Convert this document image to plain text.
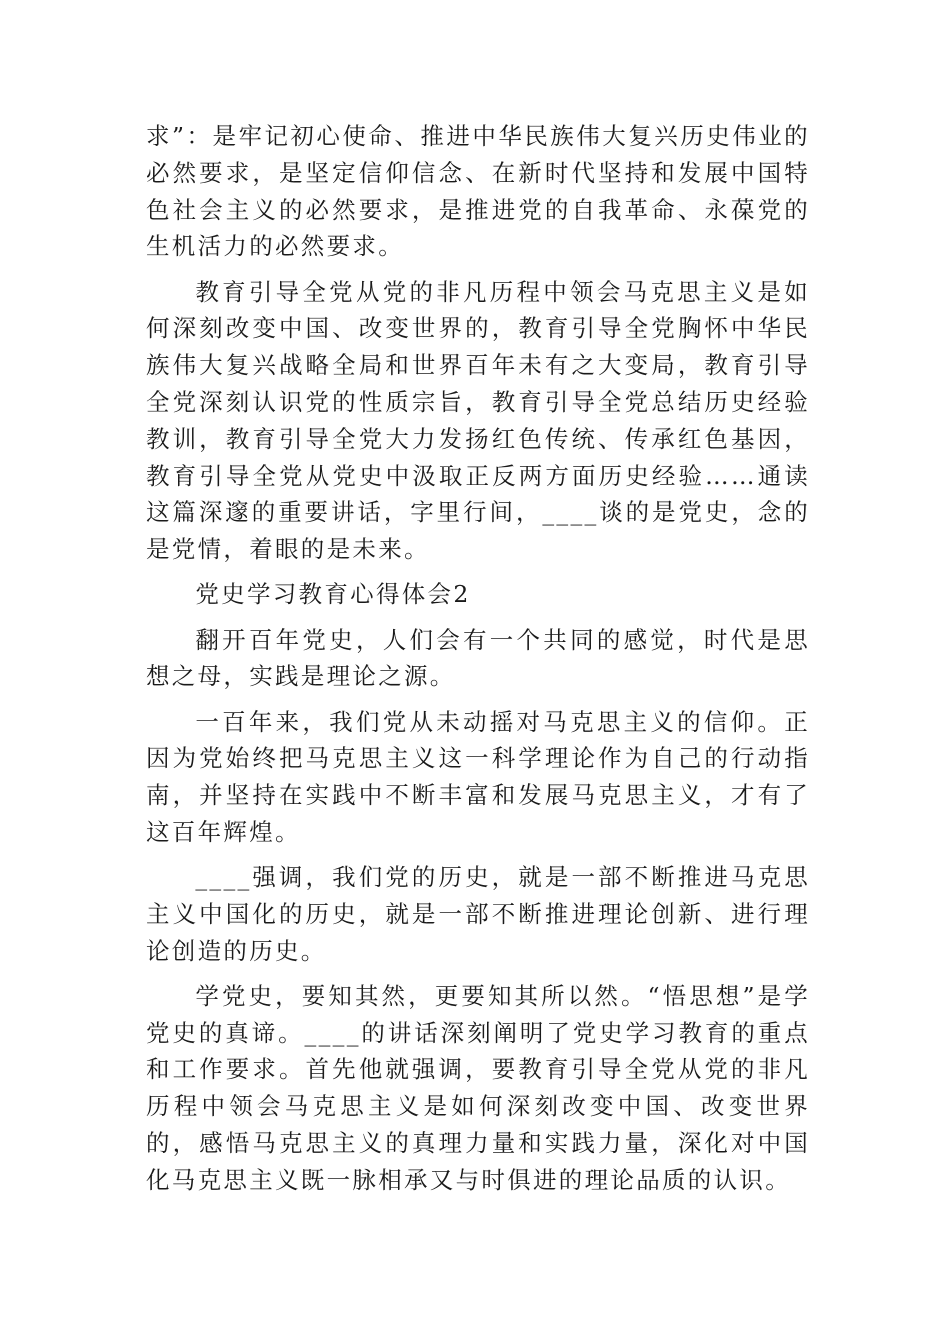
求”：是牢记初心使命、推进中华民族伟大复兴历史伟业的必然要求，是坚定信仰信念、在新时代坚持和发展中国特色社会主义的必然要求，是推进党的自我革命、永葆党的生机活力的必然要求。

教育引导全党从党的非凡历程中领会马克思主义是如何深刻改变中国、改变世界的，教育引导全党胸怀中华民族伟大复兴战略全局和世界百年未有之大变局，教育引导全党深刻认识党的性质宗旨，教育引导全党总结历史经验教训，教育引导全党大力发扬红色传统、传承红色基因，教育引导全党从党史中汲取正反两方面历史经验……通读这篇深邃的重要讲话，字里行间，____谈的是党史，念的是党情，着眼的是未来。

党史学习教育心得体会2

翻开百年党史，人们会有一个共同的感觉，时代是思想之母，实践是理论之源。

一百年来，我们党从未动摇对马克思主义的信仰。正因为党始终把马克思主义这一科学理论作为自己的行动指南，并坚持在实践中不断丰富和发展马克思主义，才有了这百年辉煌。

____强调，我们党的历史，就是一部不断推进马克思主义中国化的历史，就是一部不断推进理论创新、进行理论创造的历史。

学党史，要知其然，更要知其所以然。“悟思想”是学党史的真谛。____的讲话深刻阐明了党史学习教育的重点和工作要求。首先他就强调，要教育引导全党从党的非凡历程中领会马克思主义是如何深刻改变中国、改变世界的，感悟马克思主义的真理力量和实践力量，深化对中国化马克思主义既一脉相承又与时俱进的理论品质的认识。
